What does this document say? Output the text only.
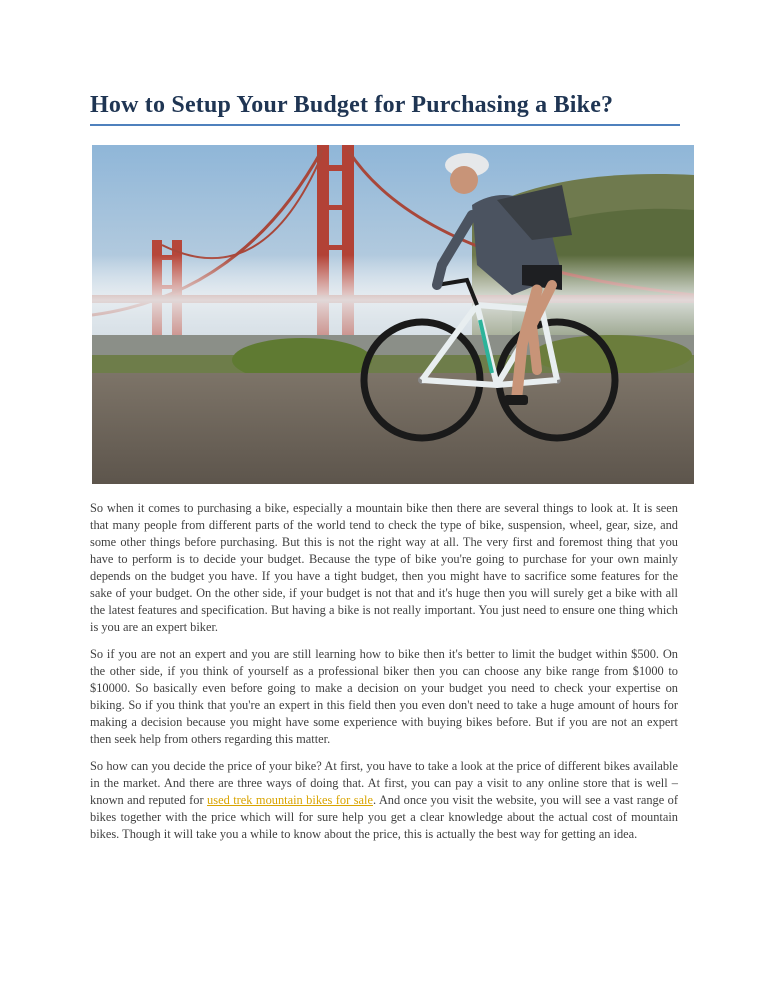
How to Setup Your Budget for Purchasing a Bike?

So when it comes to purchasing a bike, especially a mountain bike then there are several things to look at. It is seen that many people from different parts of the world tend to check the type of bike, suspension, wheel, gear, size, and some other things before purchasing. But this is not the right way at all. The very first and foremost thing that you have to perform is to decide your budget. Because the type of bike you're going to purchase for your own mainly depends on the budget you have. If you have a tight budget, then you might have to sacrifice some features for the sake of your budget. On the other side, if your budget is not that and it's huge then you will surely get a bike with all the latest features and specification. But having a bike is not really important. You just need to ensure one thing which is you are an expert biker.

So if you are not an expert and you are still learning how to bike then it's better to limit the budget within $500. On the other side, if you think of yourself as a professional biker then you can choose any bike range from $1000 to $10000. So basically even before going to make a decision on your budget you need to check your expertise on biking. So if you think that you're an expert in this field then you even don't need to take a huge amount of hours for making a decision because you might have some experience with buying bikes before. But if you are not an expert then seek help from others regarding this matter.

So how can you decide the price of your bike? At first, you have to take a look at the price of different bikes available in the market. And there are three ways of doing that. At first, you can pay a visit to any online store that is well – known and reputed for used trek mountain bikes for sale. And once you visit the website, you will see a vast range of bikes together with the price which will for sure help you get a clear knowledge about the actual cost of mountain bikes. Though it will take you a while to know about the price, this is actually the best way for getting an idea.
